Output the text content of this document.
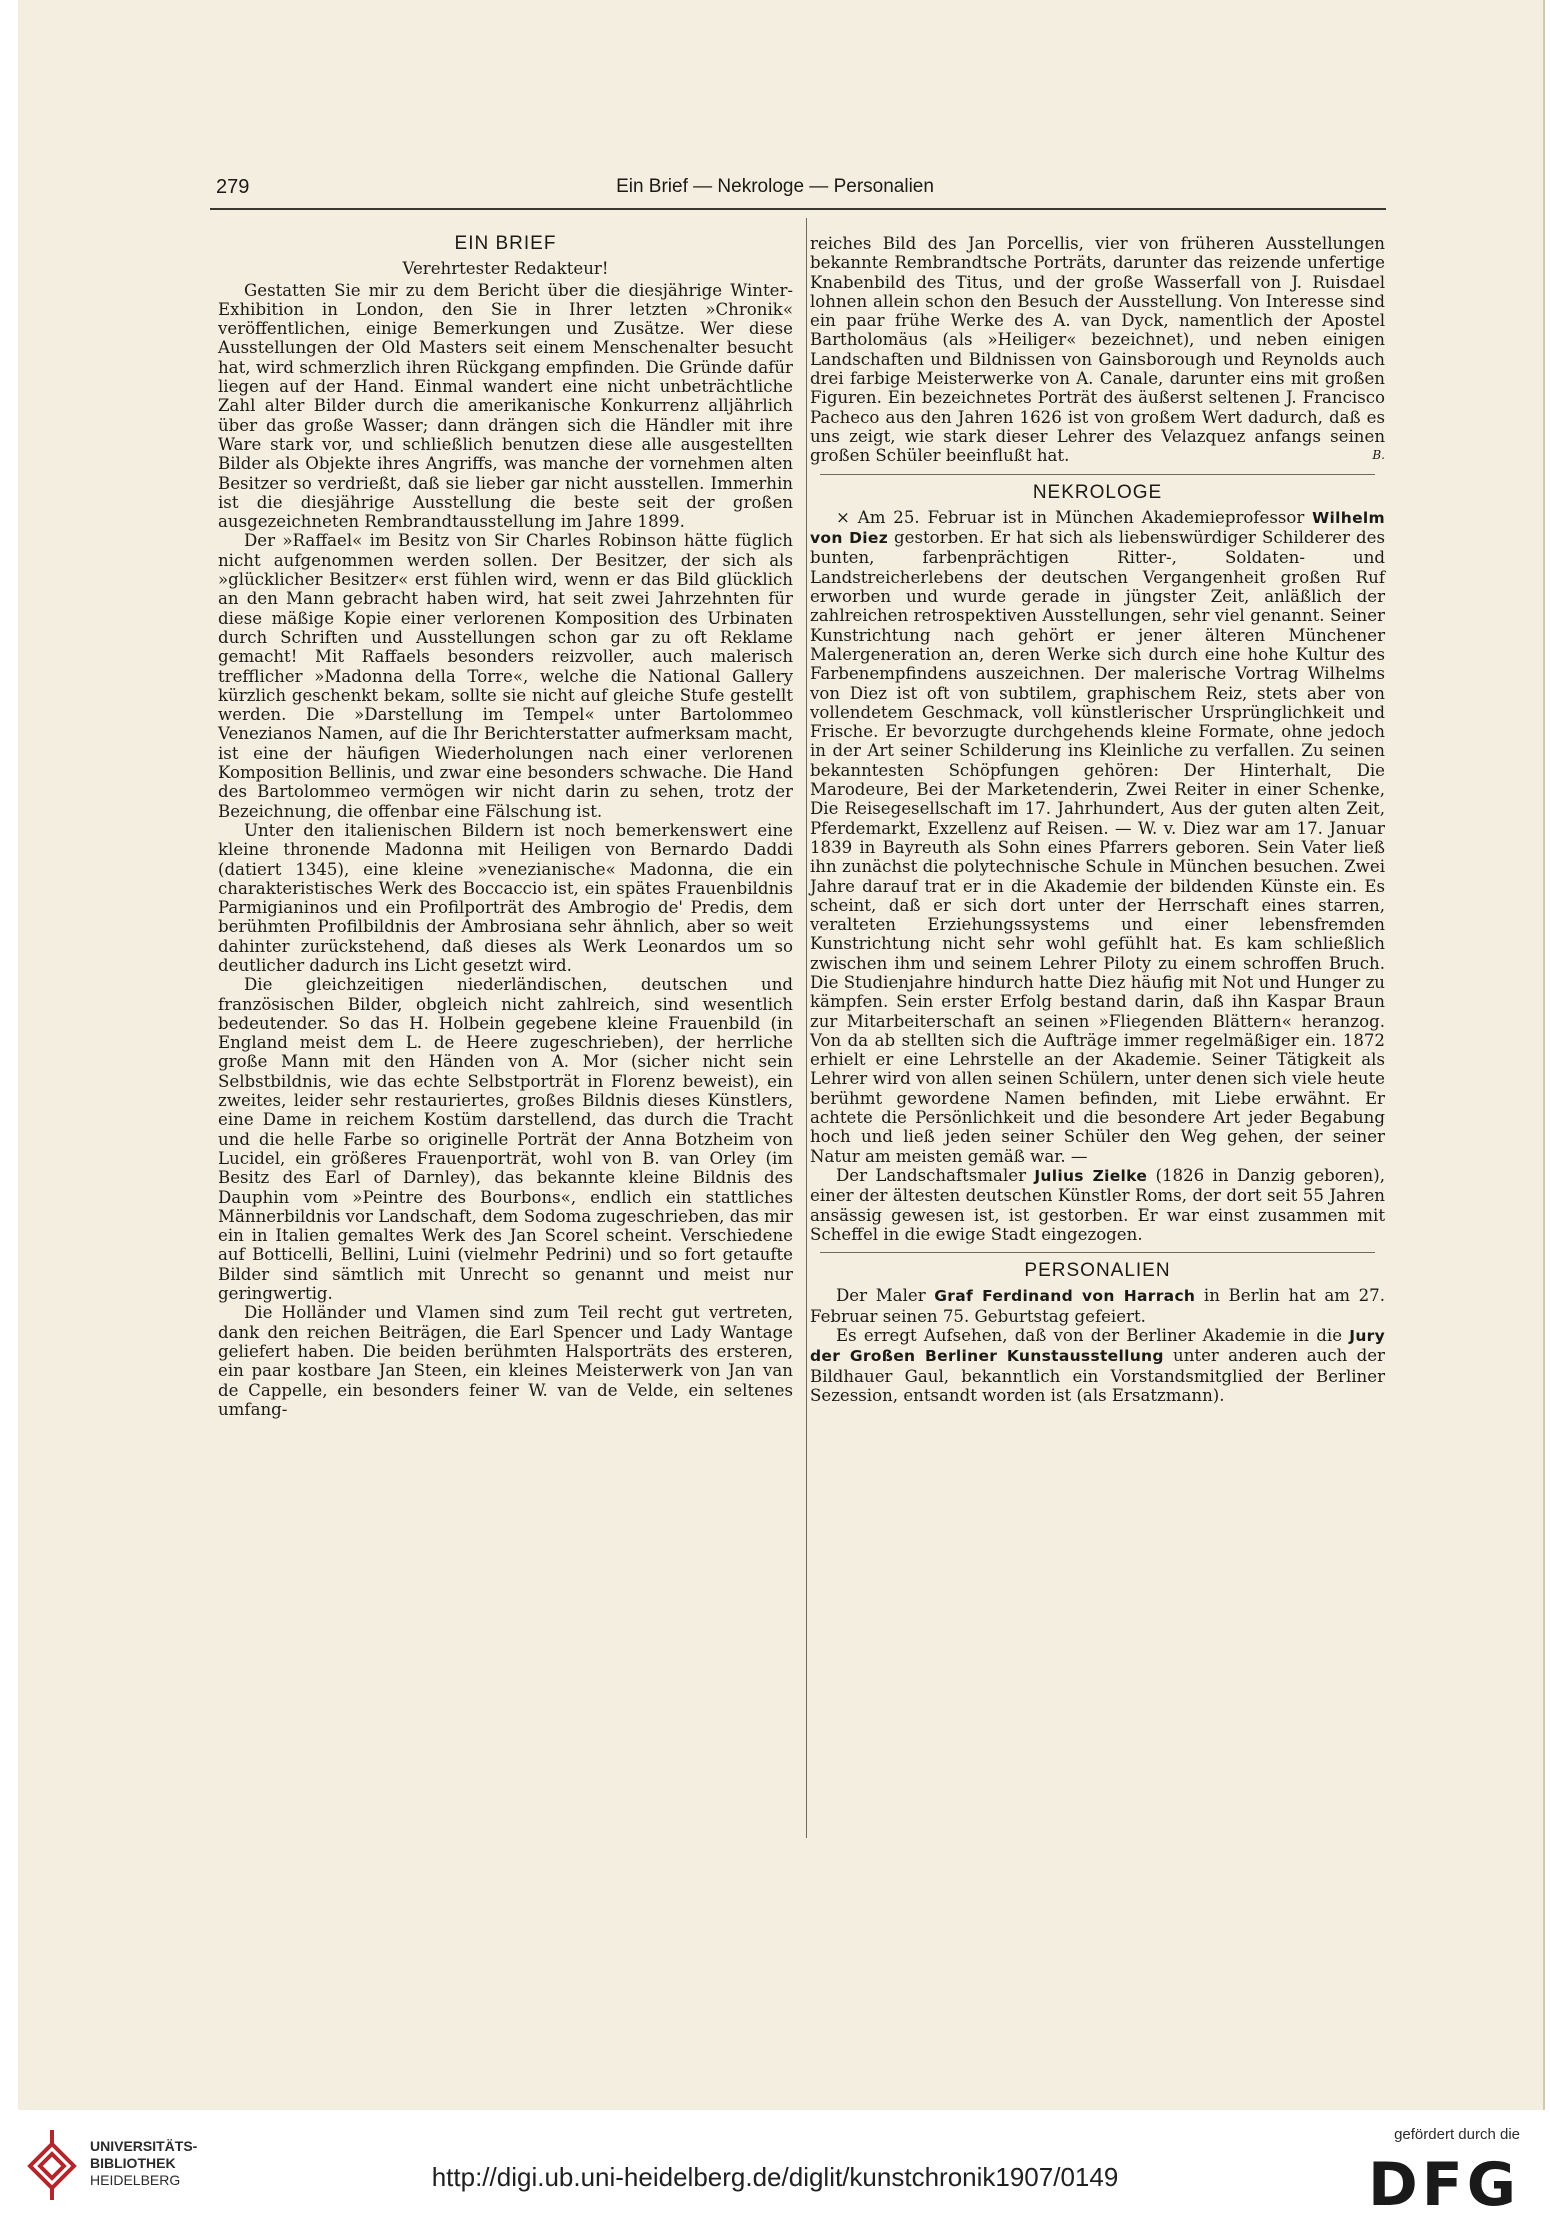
279	Ein Brief — Nekrologe — Personalien
EIN BRIEF
Verehrtester Redakteur!

Gestatten Sie mir zu dem Bericht über die diesjährige Winter-Exhibition in London, den Sie in Ihrer letzten »Chronik« veröffentlichen, einige Bemerkungen und Zusätze. Wer diese Ausstellungen der Old Masters seit einem Menschenalter besucht hat, wird schmerzlich ihren Rückgang empfinden. Die Gründe dafür liegen auf der Hand. Einmal wandert eine nicht unbeträchtliche Zahl alter Bilder durch die amerikanische Konkurrenz alljährlich über das große Wasser; dann drängen sich die Händler mit ihre Ware stark vor, und schließlich benutzen diese alle ausgestellten Bilder als Objekte ihres Angriffs, was manche der vornehmen alten Besitzer so verdrießt, daß sie lieber gar nicht ausstellen. Immerhin ist die diesjährige Ausstellung die beste seit der großen ausgezeichneten Rembrandtausstellung im Jahre 1899.

Der »Raffael« im Besitz von Sir Charles Robinson hätte füglich nicht aufgenommen werden sollen. Der Besitzer, der sich als »glücklicher Besitzer« erst fühlen wird, wenn er das Bild glücklich an den Mann gebracht haben wird, hat seit zwei Jahrzehnten für diese mäßige Kopie einer verlorenen Komposition des Urbinaten durch Schriften und Ausstellungen schon gar zu oft Reklame gemacht! Mit Raffaels besonders reizvoller, auch malerisch trefflicher »Madonna della Torre«, welche die National Gallery kürzlich geschenkt bekam, sollte sie nicht auf gleiche Stufe gestellt werden. Die »Darstellung im Tempel« unter Bartolommeo Venezianos Namen, auf die Ihr Berichterstatter aufmerksam macht, ist eine der häufigen Wiederholungen nach einer verlorenen Komposition Bellinis, und zwar eine besonders schwache. Die Hand des Bartolommeo vermögen wir nicht darin zu sehen, trotz der Bezeichnung, die offenbar eine Fälschung ist.

Unter den italienischen Bildern ist noch bemerkenswert eine kleine thronende Madonna mit Heiligen von Bernardo Daddi (datiert 1345), eine kleine »venezianische« Madonna, die ein charakteristisches Werk des Boccaccio ist, ein spätes Frauenbildnis Parmigianinos und ein Profilporträt des Ambrogio de' Predis, dem berühmten Profilbildnis der Ambrosiana sehr ähnlich, aber so weit dahinter zurückstehend, daß dieses als Werk Leonardos um so deutlicher dadurch ins Licht gesetzt wird.

Die gleichzeitigen niederländischen, deutschen und französischen Bilder, obgleich nicht zahlreich, sind wesentlich bedeutender. So das H. Holbein gegebene kleine Frauenbild (in England meist dem L. de Heere zugeschrieben), der herrliche große Mann mit den Händen von A. Mor (sicher nicht sein Selbstbildnis, wie das echte Selbstporträt in Florenz beweist), ein zweites, leider sehr restauriertes, großes Bildnis dieses Künstlers, eine Dame in reichem Kostüm darstellend, das durch die Tracht und die helle Farbe so originelle Porträt der Anna Botzheim von Lucidel, ein größeres Frauenporträt, wohl von B. van Orley (im Besitz des Earl of Darnley), das bekannte kleine Bildnis des Dauphin vom »Peintre des Bourbons«, endlich ein stattliches Männerbildnis vor Landschaft, dem Sodoma zugeschrieben, das mir ein in Italien gemaltes Werk des Jan Scorel scheint. Verschiedene auf Botticelli, Bellini, Luini (vielmehr Pedrini) und so fort getaufte Bilder sind sämtlich mit Unrecht so genannt und meist nur geringwertig.

Die Holländer und Vlamen sind zum Teil recht gut vertreten, dank den reichen Beiträgen, die Earl Spencer und Lady Wantage geliefert haben. Die beiden berühmten Halsporträts des ersteren, ein paar kostbare Jan Steen, ein kleines Meisterwerk von Jan van de Cappelle, ein besonders feiner W. van de Velde, ein seltenes umfang-

reiches Bild des Jan Porcellis, vier von früheren Ausstellungen bekannte Rembrandtsche Porträts, darunter das reizende unfertige Knabenbild des Titus, und der große Wasserfall von J. Ruisdael lohnen allein schon den Besuch der Ausstellung. Von Interesse sind ein paar frühe Werke des A. van Dyck, namentlich der Apostel Bartholomäus (als »Heiliger« bezeichnet), und neben einigen Landschaften und Bildnissen von Gainsborough und Reynolds auch drei farbige Meisterwerke von A. Canale, darunter eins mit großen Figuren. Ein bezeichnetes Porträt des äußerst seltenen J. Francisco Pacheco aus den Jahren 1626 ist von großem Wert dadurch, daß es uns zeigt, wie stark dieser Lehrer des Velazquez anfangs seinen großen Schüler beeinflußt hat.	B.

NEKROLOGE

× Am 25. Februar ist in München Akademieprofessor Wilhelm von Diez gestorben. Er hat sich als liebenswürdiger Schilderer des bunten, farbenprächtigen Ritter-, Soldaten- und Landstreicherlebens der deutschen Vergangenheit großen Ruf erworben und wurde gerade in jüngster Zeit, anläßlich der zahlreichen retrospektiven Ausstellungen, sehr viel genannt. Seiner Kunstrichtung nach gehört er jener älteren Münchener Malergeneration an, deren Werke sich durch eine hohe Kultur des Farbenempfindens auszeichnen. Der malerische Vortrag Wilhelms von Diez ist oft von subtilem, graphischem Reiz, stets aber von vollendetem Geschmack, voll künstlerischer Ursprünglichkeit und Frische. Er bevorzugte durchgehends kleine Formate, ohne jedoch in der Art seiner Schilderung ins Kleinliche zu verfallen. Zu seinen bekanntesten Schöpfungen gehören: Der Hinterhalt, Die Marodeure, Bei der Marketenderin, Zwei Reiter in einer Schenke, Die Reisegesellschaft im 17. Jahrhundert, Aus der guten alten Zeit, Pferdemarkt, Exzellenz auf Reisen. — W. v. Diez war am 17. Januar 1839 in Bayreuth als Sohn eines Pfarrers geboren. Sein Vater ließ ihn zunächst die polytechnische Schule in München besuchen. Zwei Jahre darauf trat er in die Akademie der bildenden Künste ein. Es scheint, daß er sich dort unter der Herrschaft eines starren, veralteten Erziehungssystems und einer lebensfremden Kunstrichtung nicht sehr wohl gefühlt hat. Es kam schließlich zwischen ihm und seinem Lehrer Piloty zu einem schroffen Bruch. Die Studienjahre hindurch hatte Diez häufig mit Not und Hunger zu kämpfen. Sein erster Erfolg bestand darin, daß ihn Kaspar Braun zur Mitarbeiterschaft an seinen »Fliegenden Blättern« heranzog. Von da ab stellten sich die Aufträge immer regelmäßiger ein. 1872 erhielt er eine Lehrstelle an der Akademie. Seiner Tätigkeit als Lehrer wird von allen seinen Schülern, unter denen sich viele heute berühmt gewordene Namen befinden, mit Liebe erwähnt. Er achtete die Persönlichkeit und die besondere Art jeder Begabung hoch und ließ jeden seiner Schüler den Weg gehen, der seiner Natur am meisten gemäß war. —

Der Landschaftsmaler Julius Zielke (1826 in Danzig geboren), einer der ältesten deutschen Künstler Roms, der dort seit 55 Jahren ansässig gewesen ist, ist gestorben. Er war einst zusammen mit Scheffel in die ewige Stadt eingezogen.

PERSONALIEN

Der Maler Graf Ferdinand von Harrach in Berlin hat am 27. Februar seinen 75. Geburtstag gefeiert.

Es erregt Aufsehen, daß von der Berliner Akademie in die Jury der Großen Berliner Kunstausstellung unter anderen auch der Bildhauer Gaul, bekanntlich ein Vorstandsmitglied der Berliner Sezession, entsandt worden ist (als Ersatzmann).

UNIVERSITÄTS-
BIBLIOTHEK
HEIDELBERG	http://digi.ub.uni-heidelberg.de/diglit/kunstchronik1907/0149
gefördert durch die
DFG
